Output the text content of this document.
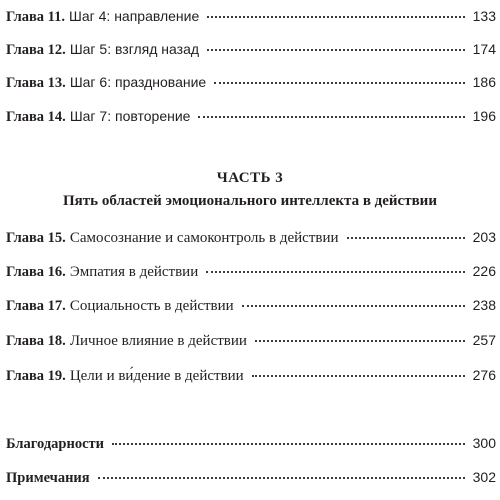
Глава 11. Шаг 4: направление	133
Глава 12. Шаг 5: взгляд назад	174
Глава 13. Шаг 6: празднование	186
Глава 14. Шаг 7: повторение	196
ЧАСТЬ 3
Пять областей эмоционального интеллекта в действии
Глава 15. Самосознание и самоконтроль в действии	203
Глава 16. Эмпатия в действии	226
Глава 17. Социальность в действии	238
Глава 18. Личное влияние в действии	257
Глава 19. Цели и ви́дение в действии	276
Благодарности	300
Примечания	302
